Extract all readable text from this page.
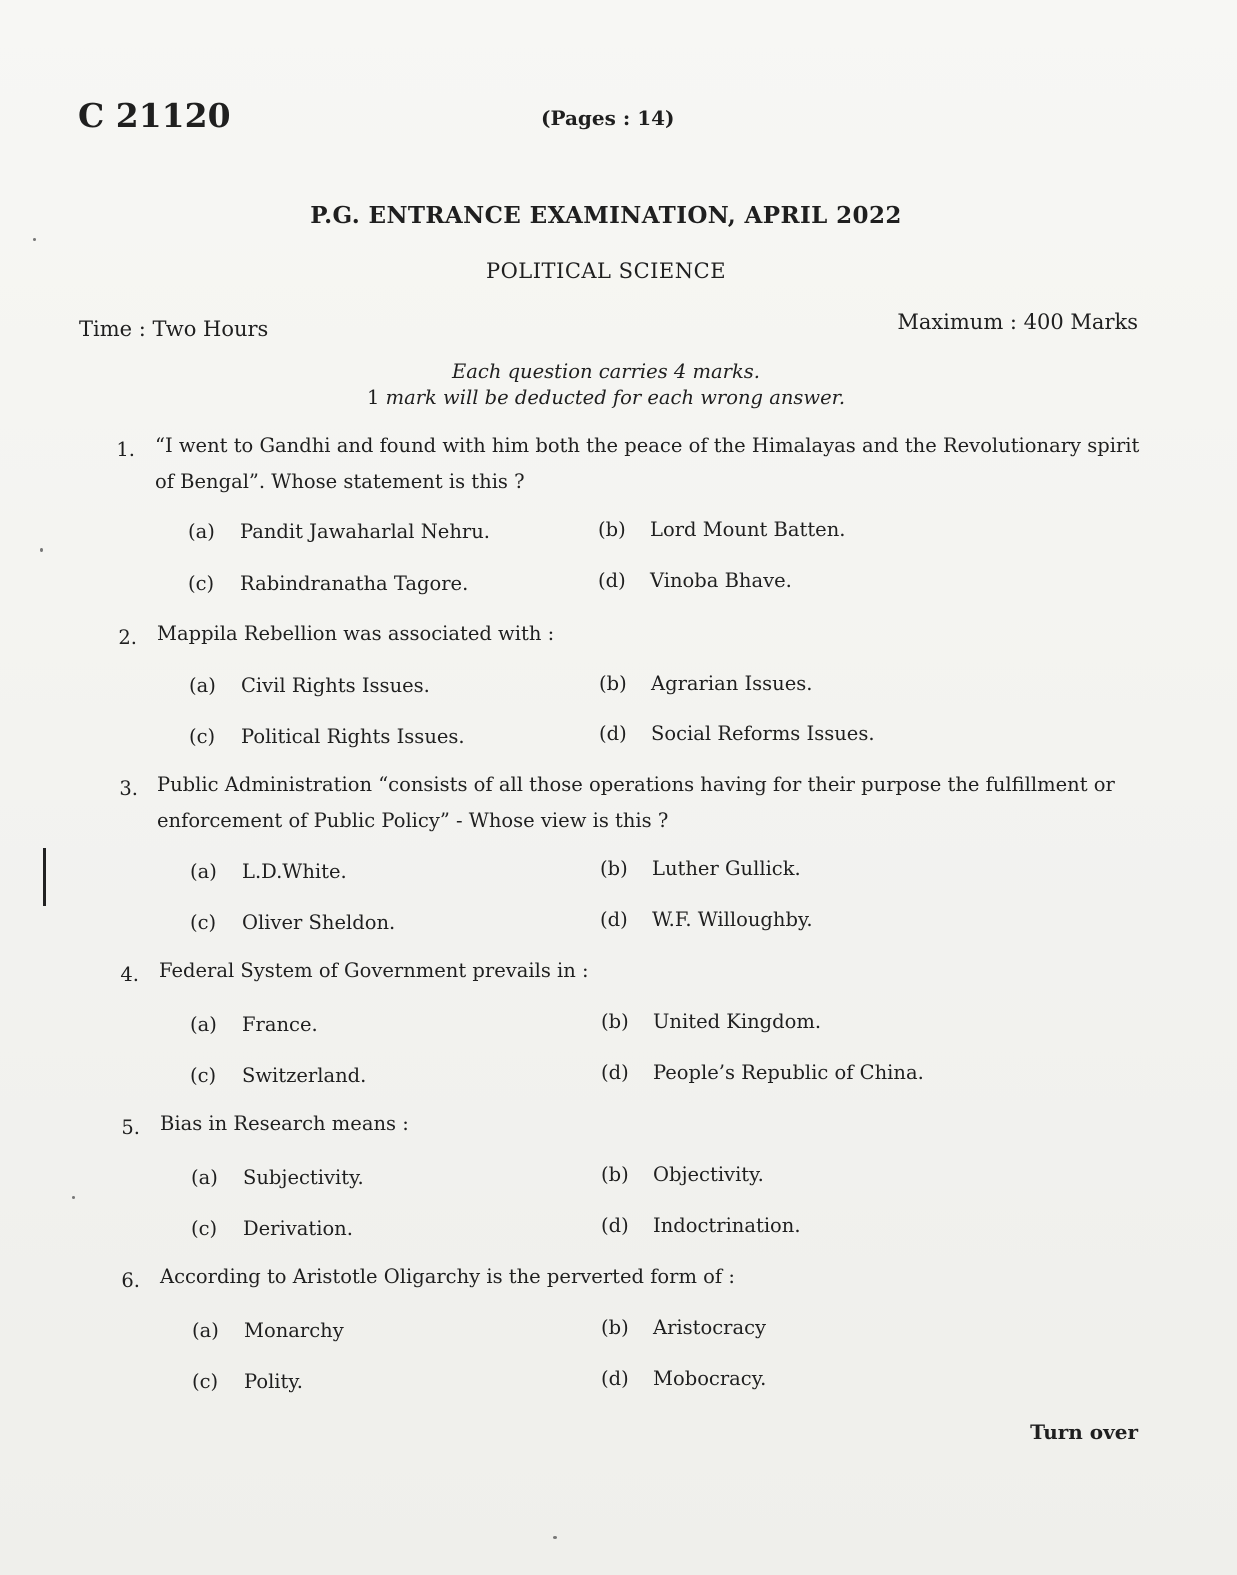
C 21120	(Pages : 14)
P.G. ENTRANCE EXAMINATION, APRIL 2022
POLITICAL SCIENCE
Time : Two Hours	Maximum : 400 Marks
Each question carries 4 marks.
1 mark will be deducted for each wrong answer.
1. “I went to Gandhi and found with him both the peace of the Himalayas and the Revolutionary spirit of Bengal”. Whose statement is this ?
(a) Pandit Jawaharlal Nehru.	(b) Lord Mount Batten.
(c) Rabindranatha Tagore.	(d) Vinoba Bhave.
2. Mappila Rebellion was associated with :
(a) Civil Rights Issues.	(b) Agrarian Issues.
(c) Political Rights Issues.	(d) Social Reforms Issues.
3. Public Administration “consists of all those operations having for their purpose the fulfillment or enforcement of Public Policy” - Whose view is this ?
(a) L.D.White.	(b) Luther Gullick.
(c) Oliver Sheldon.	(d) W.F. Willoughby.
4. Federal System of Government prevails in :
(a) France.	(b) United Kingdom.
(c) Switzerland.	(d) People’s Republic of China.
5. Bias in Research means :
(a) Subjectivity.	(b) Objectivity.
(c) Derivation.	(d) Indoctrination.
6. According to Aristotle Oligarchy is the perverted form of :
(a) Monarchy	(b) Aristocracy
(c) Polity.	(d) Mobocracy.
Turn over
